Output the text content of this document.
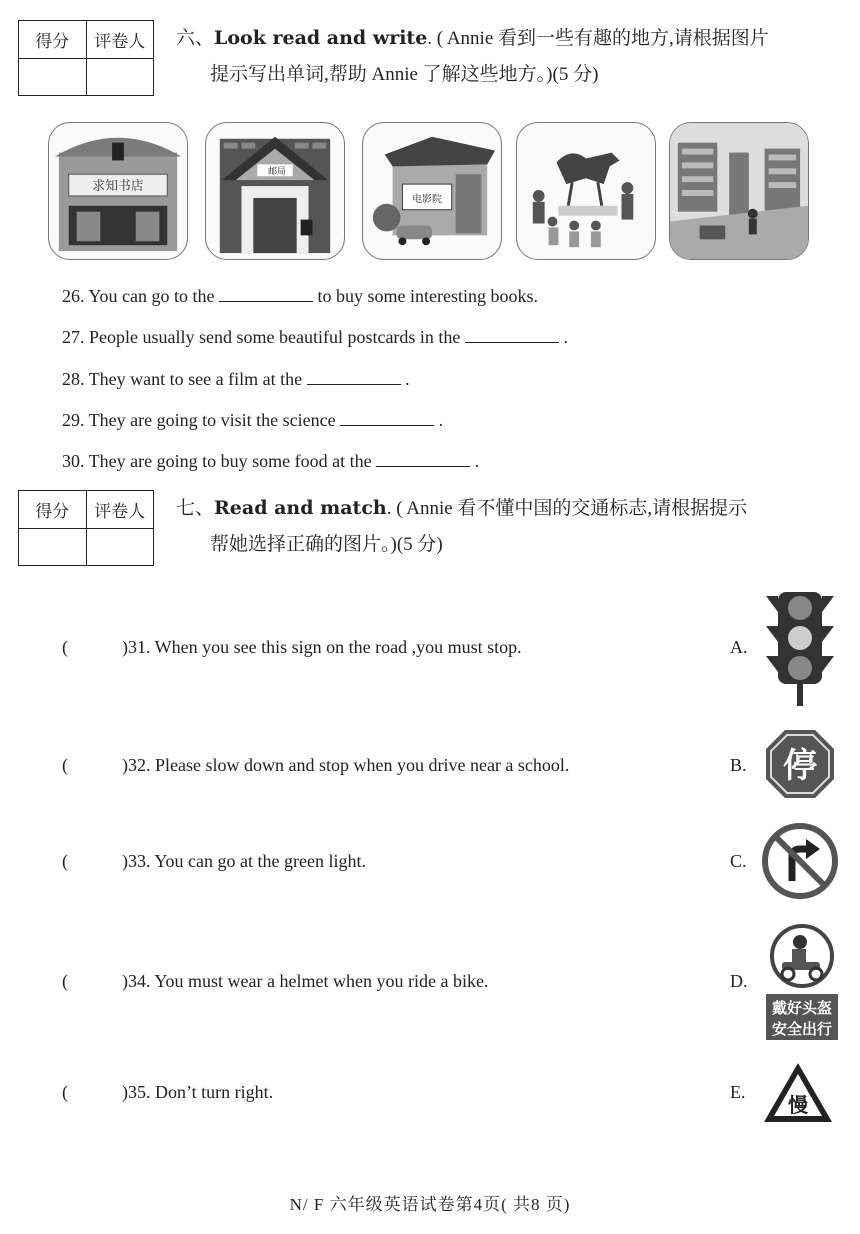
得分	评卷人	六、Look read and write. ( Annie 看到一些有趣的地方,请根据图片
提示写出单词,帮助 Annie 了解这些地方。)(5 分)
求知书店
邮局
电影院
26. You can go to the	to buy some interesting books.
27. People usually send some beautiful postcards in the	.
28. They want to see a film at the	.
29. They are going to visit the science	.
30. They are going to buy some food at the	.
得分	评卷人	七、Read and match. ( Annie 看不懂中国的交通标志,请根据提示
帮她选择正确的图片。)(5 分)
(	)31. When you see this sign on the road ,you must stop.	A.
(	)32. Please slow down and stop when you drive near a school.	B.
(	)33. You can go at the green light.	C.
(	)34. You must wear a helmet when you ride a bike.	D.
(	)35. Don’t turn right.	E.
停
戴好头盔
安全出行
慢
N/ F 六年级英语试卷第4页( 共8 页)
